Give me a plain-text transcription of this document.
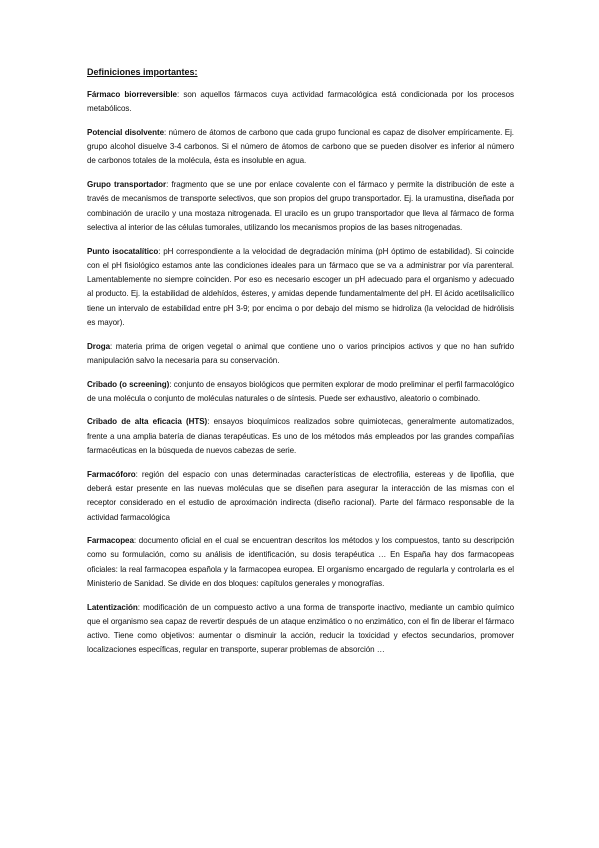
Definiciones importantes:

Fármaco biorreversible: son aquellos fármacos cuya actividad farmacológica está condicionada por los procesos metabólicos.

Potencial disolvente: número de átomos de carbono que cada grupo funcional es capaz de disolver empíricamente. Ej. grupo alcohol disuelve 3-4 carbonos. Si el número de átomos de carbono que se pueden disolver es inferior al número de carbonos totales de la molécula, ésta es insoluble en agua.

Grupo transportador: fragmento que se une por enlace covalente con el fármaco y permite la distribución de este a través de mecanismos de transporte selectivos, que son propios del grupo transportador. Ej. la uramustina, diseñada por combinación de uracilo y una mostaza nitrogenada. El uracilo es un grupo transportador que lleva al fármaco de forma selectiva al interior de las células tumorales, utilizando los mecanismos propios de las bases nitrogenadas.

Punto isocatalítico: pH correspondiente a la velocidad de degradación mínima (pH óptimo de estabilidad). Si coincide con el pH fisiológico estamos ante las condiciones ideales para un fármaco que se va a administrar por vía parenteral. Lamentablemente no siempre coinciden. Por eso es necesario escoger un pH adecuado para el organismo y adecuado al producto. Ej. la estabilidad de aldehídos, ésteres, y amidas depende fundamentalmente del pH. El ácido acetilsalicílico tiene un intervalo de estabilidad entre pH 3-9; por encima o por debajo del mismo se hidroliza (la velocidad de hidrólisis es mayor).

Droga: materia prima de origen vegetal o animal que contiene uno o varios principios activos y que no han sufrido manipulación salvo la necesaria para su conservación.

Cribado (o screening): conjunto de ensayos biológicos que permiten explorar de modo preliminar el perfil farmacológico de una molécula o conjunto de moléculas naturales o de síntesis. Puede ser exhaustivo, aleatorio o combinado.

Cribado de alta eficacia (HTS): ensayos bioquímicos realizados sobre quimiotecas, generalmente automatizados, frente a una amplia batería de dianas terapéuticas. Es uno de los métodos más empleados por las grandes compañías farmacéuticas en la búsqueda de nuevos cabezas de serie.

Farmacóforo: región del espacio con unas determinadas características de electrofilia, estereas y de lipofilia, que deberá estar presente en las nuevas moléculas que se diseñen para asegurar la interacción de las mismas con el receptor considerado en el estudio de aproximación indirecta (diseño racional). Parte del fármaco responsable de la actividad farmacológica

Farmacopea: documento oficial en el cual se encuentran descritos los métodos y los compuestos, tanto su descripción como su formulación, como su análisis de identificación, su dosis terapéutica … En España hay dos farmacopeas oficiales: la real farmacopea española y la farmacopea europea. El organismo encargado de regularla y controlarla es el Ministerio de Sanidad. Se divide en dos bloques: capítulos generales y monografías.

Latentización: modificación de un compuesto activo a una forma de transporte inactivo, mediante un cambio químico que el organismo sea capaz de revertir después de un ataque enzimático o no enzimático, con el fin de liberar el fármaco activo. Tiene como objetivos: aumentar o disminuir la acción, reducir la toxicidad y efectos secundarios, promover localizaciones específicas, regular en transporte, superar problemas de absorción …
